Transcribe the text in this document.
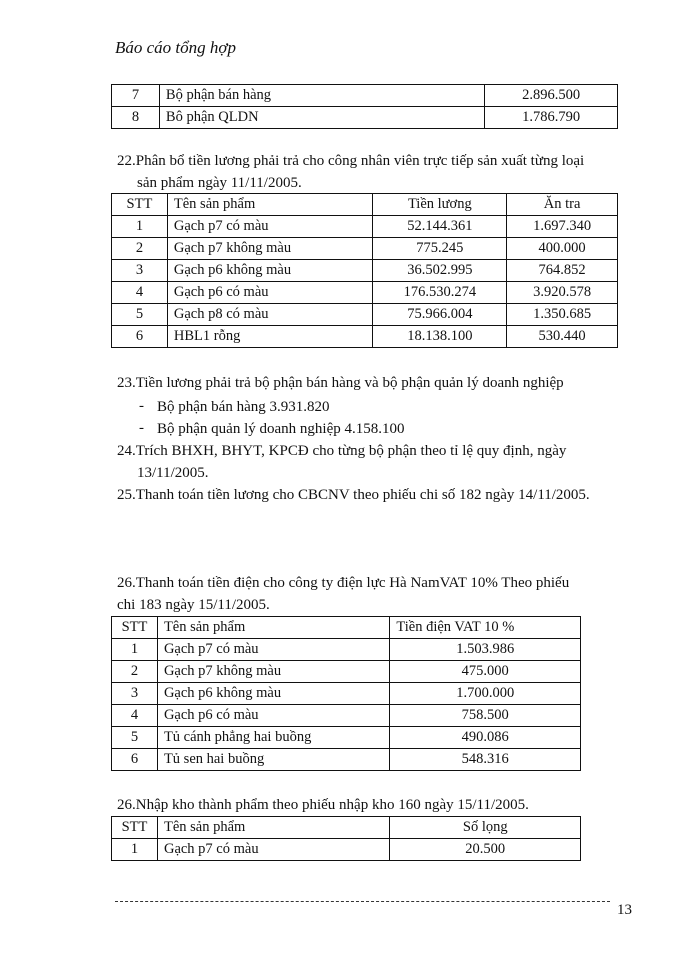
Báo cáo tổng hợp
7	Bộ phận bán hàng	2.896.500
8	Bô phận QLDN	1.786.790
22.Phân bổ tiền lương phải trả cho công nhân viên trực tiếp sản xuất từng loại
sản phẩm ngày 11/11/2005.
STT	Tên sản phẩm	Tiền lương	Ăn tra
1	Gạch p7 có màu	52.144.361	1.697.340
2	Gạch p7 không màu	775.245	400.000
3	Gạch p6 không màu	36.502.995	764.852
4	Gạch p6 có màu	176.530.274	3.920.578
5	Gạch p8 có màu	75.966.004	1.350.685
6	HBL1 rỗng	18.138.100	530.440
23.Tiền lương phải trả bộ phận bán hàng và bộ phận quản lý doanh nghiệp
- Bộ phận bán hàng 3.931.820
- Bộ phận quản lý doanh nghiệp 4.158.100
24.Trích BHXH, BHYT, KPCĐ cho từng bộ phận theo tỉ lệ quy định, ngày
13/11/2005.
25.Thanh toán tiền lương cho CBCNV theo phiếu chi số 182 ngày 14/11/2005.
26.Thanh toán tiền điện cho công ty điện lực Hà NamVAT 10% Theo phiếu
chi 183 ngày 15/11/2005.
STT	Tên sản phẩm	Tiền điện VAT 10 %
1	Gạch p7 có màu	1.503.986
2	Gạch p7 không màu	475.000
3	Gạch p6 không màu	1.700.000
4	Gạch p6 có màu	758.500
5	Tủ cánh phẳng hai buồng	490.086
6	Tủ sen hai buồng	548.316
26.Nhập kho thành phẩm theo phiếu nhập kho 160 ngày 15/11/2005.
STT	Tên sản phẩm	Số lọng
1	Gạch p7 có màu	20.500
13
